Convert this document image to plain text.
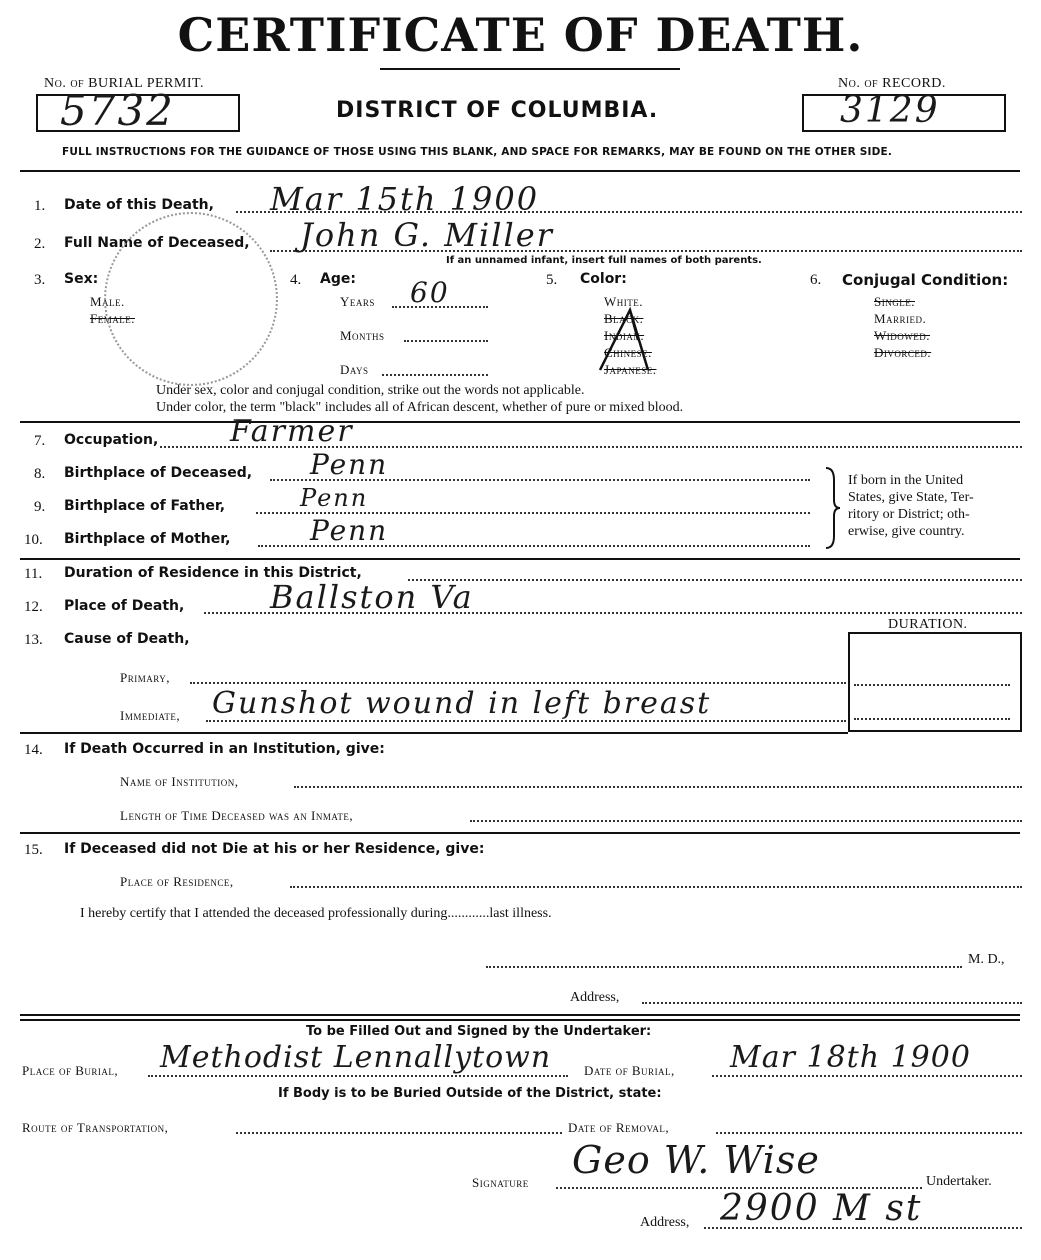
CERTIFICATE OF DEATH.
No. of BURIAL PERMIT.
5732	DISTRICT OF COLUMBIA.
No. of RECORD.
3129
FULL INSTRUCTIONS FOR THE GUIDANCE OF THOSE USING THIS BLANK, AND SPACE FOR REMARKS, MAY BE FOUND ON THE OTHER SIDE.
1. Date of this Death, Mar 15th 1900
2. Full Name of Deceased, John G. Miller
If an unnamed infant, insert full names of both parents.
3. Sex:
Male.
Female.
4. Age:
Years 60
Months
Days
5. Color:
White.
Black.
Indian.
Chinese.
Japanese.
6. Conjugal Condition:
Single.
Married.
Widowed.
Divorced.
Under sex, color and conjugal condition, strike out the words not applicable.
Under color, the term "black" includes all of African descent, whether of pure or mixed blood.
7. Occupation, Farmer
8. Birthplace of Deceased, Penn
9. Birthplace of Father,	Penn
10. Birthplace of Mother,	Penn
If born in the United
States, give State, Ter-
ritory or District; oth-
erwise, give country.
11. Duration of Residence in this District,
12. Place of Death,	Ballston Va
13. Cause of Death,
DURATION.
Primary,
Immediate, Gunshot wound in left breast
14. If Death Occurred in an Institution, give:
Name of Institution,
Length of Time Deceased was an Inmate,
15. If Deceased did not Die at his or her Residence, give:
Place of Residence,
I hereby certify that I attended the deceased professionally during............last illness.
M. D.,
Address,
To be Filled Out and Signed by the Undertaker:
Place of Burial, Methodist Lennallytown	Date of Burial, Mar 18th 1900
If Body is to be Buried Outside of the District, state:
Route of Transportation,	Date of Removal,
Signature
Geo W. Wise	Undertaker.
Address, 2900 M st
